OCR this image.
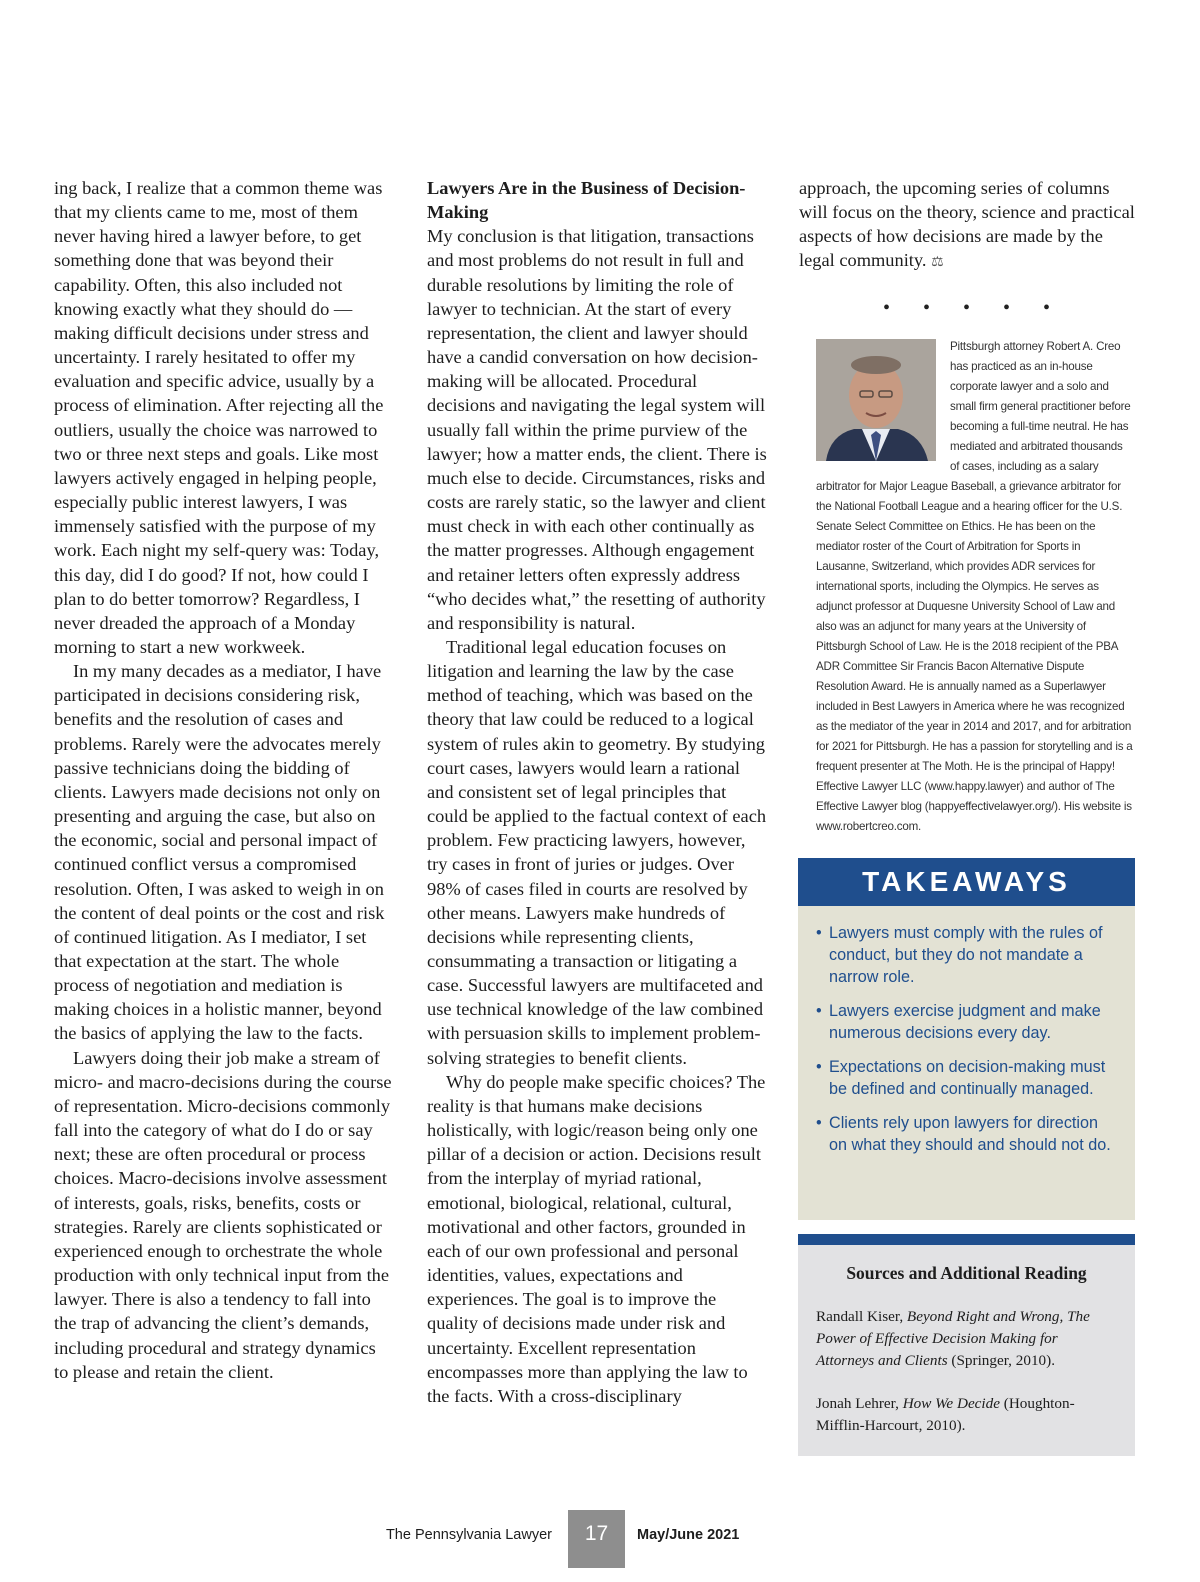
ing back, I realize that a common theme was that my clients came to me, most of them never having hired a lawyer before, to get something done that was beyond their capability. Often, this also included not knowing exactly what they should do — making difficult decisions under stress and uncertainty. I rarely hesitated to offer my evaluation and specific advice, usually by a process of elimination. After rejecting all the outliers, usually the choice was narrowed to two or three next steps and goals. Like most lawyers actively engaged in helping people, especially public interest lawyers, I was immensely satisfied with the purpose of my work. Each night my self-query was: Today, this day, did I do good? If not, how could I plan to do better tomorrow? Regardless, I never dreaded the approach of a Monday morning to start a new workweek.

In my many decades as a mediator, I have participated in decisions considering risk, benefits and the resolution of cases and problems. Rarely were the advocates merely passive technicians doing the bidding of clients. Lawyers made decisions not only on presenting and arguing the case, but also on the economic, social and personal impact of continued conflict versus a compromised resolution. Often, I was asked to weigh in on the content of deal points or the cost and risk of continued litigation. As I mediator, I set that expectation at the start. The whole process of negotiation and mediation is making choices in a holistic manner, beyond the basics of applying the law to the facts.

Lawyers doing their job make a stream of micro- and macro-decisions during the course of representation. Micro-decisions commonly fall into the category of what do I do or say next; these are often procedural or process choices. Macro-decisions involve assessment of interests, goals, risks, benefits, costs or strategies. Rarely are clients sophisticated or experienced enough to orchestrate the whole production with only technical input from the lawyer. There is also a tendency to fall into the trap of advancing the client’s demands, including procedural and strategy dynamics to please and retain the client.

Lawyers Are in the Business of Decision-Making

My conclusion is that litigation, transactions and most problems do not result in full and durable resolutions by limiting the role of lawyer to technician. At the start of every representation, the client and lawyer should have a candid conversation on how decision-making will be allocated. Procedural decisions and navigating the legal system will usually fall within the prime purview of the lawyer; how a matter ends, the client. There is much else to decide. Circumstances, risks and costs are rarely static, so the lawyer and client must check in with each other continually as the matter progresses. Although engagement and retainer letters often expressly address “who decides what,” the resetting of authority and responsibility is natural.

Traditional legal education focuses on litigation and learning the law by the case method of teaching, which was based on the theory that law could be reduced to a logical system of rules akin to geometry. By studying court cases, lawyers would learn a rational and consistent set of legal principles that could be applied to the factual context of each problem. Few practicing lawyers, however, try cases in front of juries or judges. Over 98% of cases filed in courts are resolved by other means. Lawyers make hundreds of decisions while representing clients, consummating a transaction or litigating a case. Successful lawyers are multifaceted and use technical knowledge of the law combined with persuasion skills to implement problem-solving strategies to benefit clients.

Why do people make specific choices? The reality is that humans make decisions holistically, with logic/reason being only one pillar of a decision or action. Decisions result from the interplay of myriad rational, emotional, biological, relational, cultural, motivational and other factors, grounded in each of our own professional and personal identities, values, expectations and experiences. The goal is to improve the quality of decisions made under risk and uncertainty. Excellent representation encompasses more than applying the law to the facts. With a cross-disciplinary

approach, the upcoming series of columns will focus on the theory, science and practical aspects of how decisions are made by the legal community. ⚖

• • • • •
Pittsburgh attorney Robert A. Creo has practiced as an in-house corporate lawyer and a solo and small firm general practitioner before becoming a full-time neutral. He has mediated and arbitrated thousands of cases, including as a salary arbitrator for Major League Baseball, a grievance arbitrator for the National Football League and a hearing officer for the U.S. Senate Select Committee on Ethics. He has been on the mediator roster of the Court of Arbitration for Sports in Lausanne, Switzerland, which provides ADR services for international sports, including the Olympics. He serves as adjunct professor at Duquesne University School of Law and also was an adjunct for many years at the University of Pittsburgh School of Law. He is the 2018 recipient of the PBA ADR Committee Sir Francis Bacon Alternative Dispute Resolution Award. He is annually named as a Superlawyer included in Best Lawyers in America where he was recognized as the mediator of the year in 2014 and 2017, and for arbitration for 2021 for Pittsburgh. He has a passion for storytelling and is a frequent presenter at The Moth. He is the principal of Happy! Effective Lawyer LLC (www.happy.lawyer) and author of The Effective Lawyer blog (happyeffectivelawyer.org/). His website is www.robertcreo.com.
TAKEAWAYS
• Lawyers must comply with the rules of conduct, but they do not mandate a narrow role.
• Lawyers exercise judgment and make numerous decisions every day.
• Expectations on decision-making must be defined and continually managed.
• Clients rely upon lawyers for direction on what they should and should not do.
Sources and Additional Reading

Randall Kiser, Beyond Right and Wrong, The Power of Effective Decision Making for Attorneys and Clients (Springer, 2010).

Jonah Lehrer, How We Decide (Houghton-Mifflin-Harcourt, 2010).

The Pennsylvania Lawyer	17	May/June 2021
